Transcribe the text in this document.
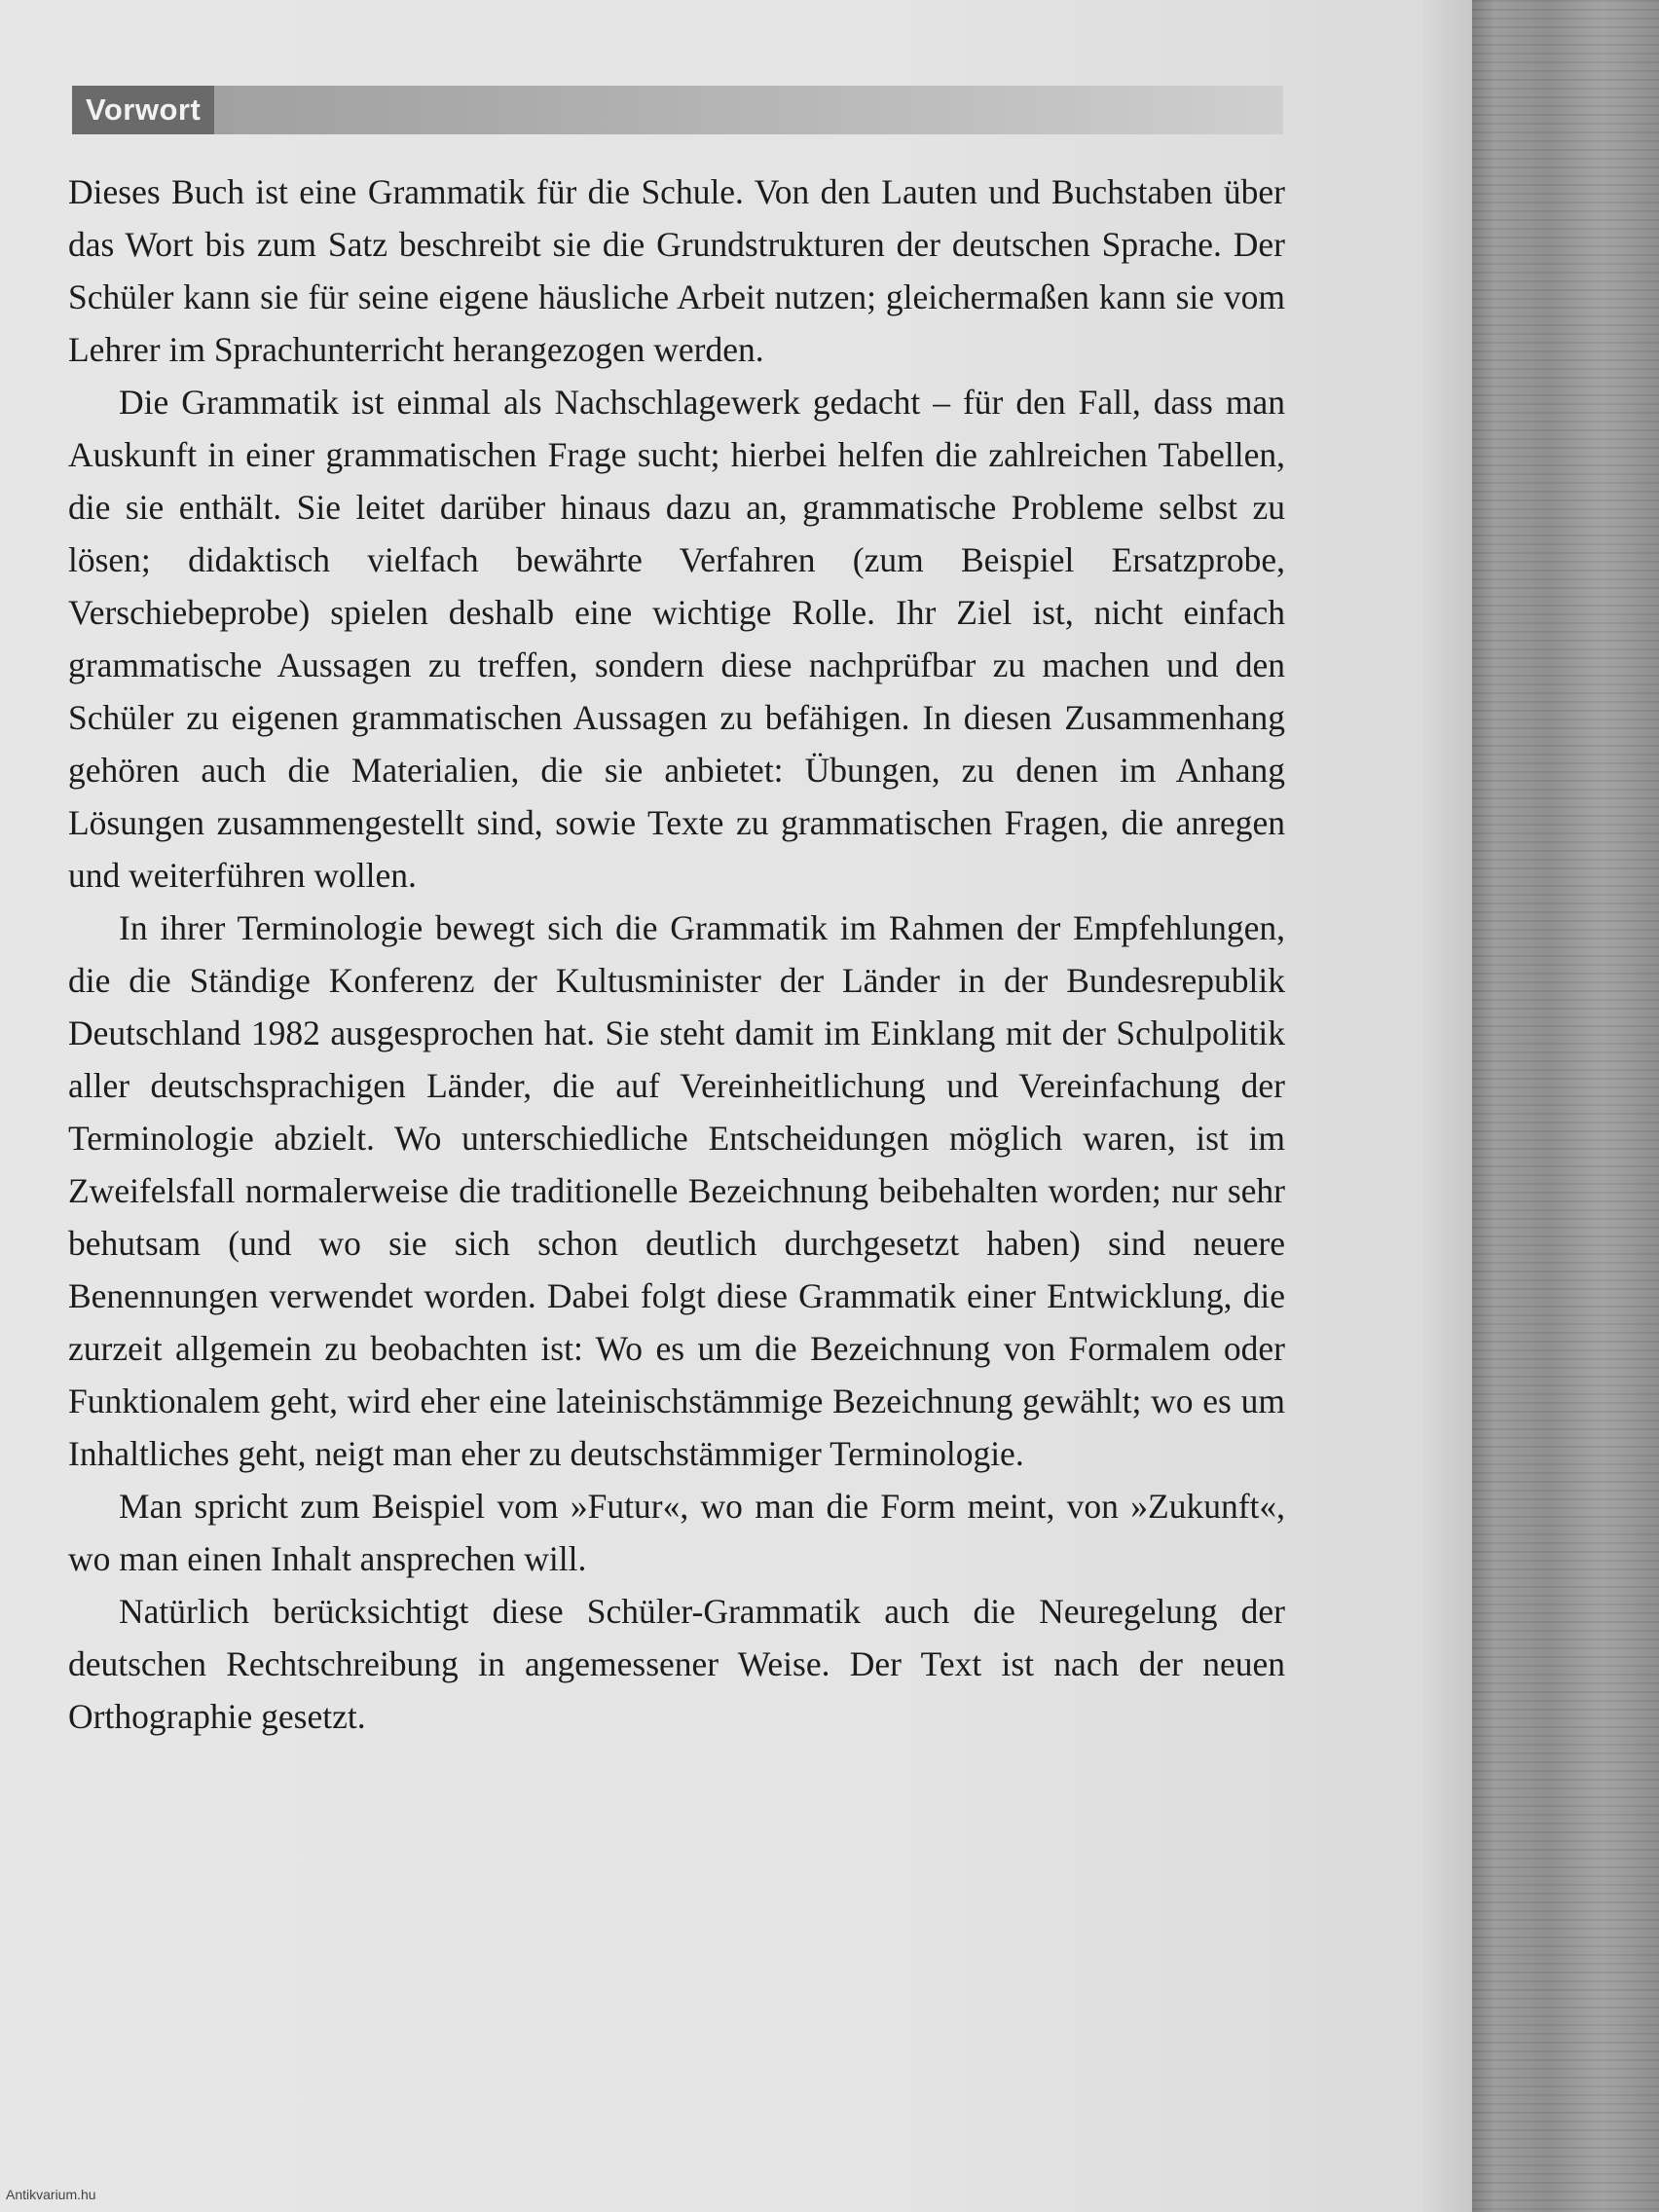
Vorwort

Dieses Buch ist eine Grammatik für die Schule. Von den Lauten und Buchstaben über das Wort bis zum Satz beschreibt sie die Grundstrukturen der deutschen Sprache. Der Schüler kann sie für seine eigene häusliche Arbeit nutzen; gleichermaßen kann sie vom Lehrer im Sprachunterricht herangezogen werden.

Die Grammatik ist einmal als Nachschlagewerk gedacht – für den Fall, dass man Auskunft in einer grammatischen Frage sucht; hierbei helfen die zahlreichen Tabellen, die sie enthält. Sie leitet darüber hinaus dazu an, grammatische Probleme selbst zu lösen; didaktisch vielfach bewährte Verfahren (zum Beispiel Ersatzprobe, Verschiebeprobe) spielen deshalb eine wichtige Rolle. Ihr Ziel ist, nicht einfach grammatische Aussagen zu treffen, sondern diese nachprüfbar zu machen und den Schüler zu eigenen grammatischen Aussagen zu befähigen. In diesen Zusammenhang gehören auch die Materialien, die sie anbietet: Übungen, zu denen im Anhang Lösungen zusammengestellt sind, sowie Texte zu grammatischen Fragen, die anregen und weiterführen wollen.

In ihrer Terminologie bewegt sich die Grammatik im Rahmen der Empfehlungen, die die Ständige Konferenz der Kultusminister der Länder in der Bundesrepublik Deutschland 1982 ausgesprochen hat. Sie steht damit im Einklang mit der Schulpolitik aller deutschsprachigen Länder, die auf Vereinheitlichung und Vereinfachung der Terminologie abzielt. Wo unterschiedliche Entscheidungen möglich waren, ist im Zweifelsfall normalerweise die traditionelle Bezeichnung beibehalten worden; nur sehr behutsam (und wo sie sich schon deutlich durchgesetzt haben) sind neuere Benennungen verwendet worden. Dabei folgt diese Grammatik einer Entwicklung, die zurzeit allgemein zu beobachten ist: Wo es um die Bezeichnung von Formalem oder Funktionalem geht, wird eher eine lateinischstämmige Bezeichnung gewählt; wo es um Inhaltliches geht, neigt man eher zu deutschstämmiger Terminologie.

Man spricht zum Beispiel vom »Futur«, wo man die Form meint, von »Zukunft«, wo man einen Inhalt ansprechen will.

Natürlich berücksichtigt diese Schüler-Grammatik auch die Neuregelung der deutschen Rechtschreibung in angemessener Weise. Der Text ist nach der neuen Orthographie gesetzt.

Antikvarium.hu
